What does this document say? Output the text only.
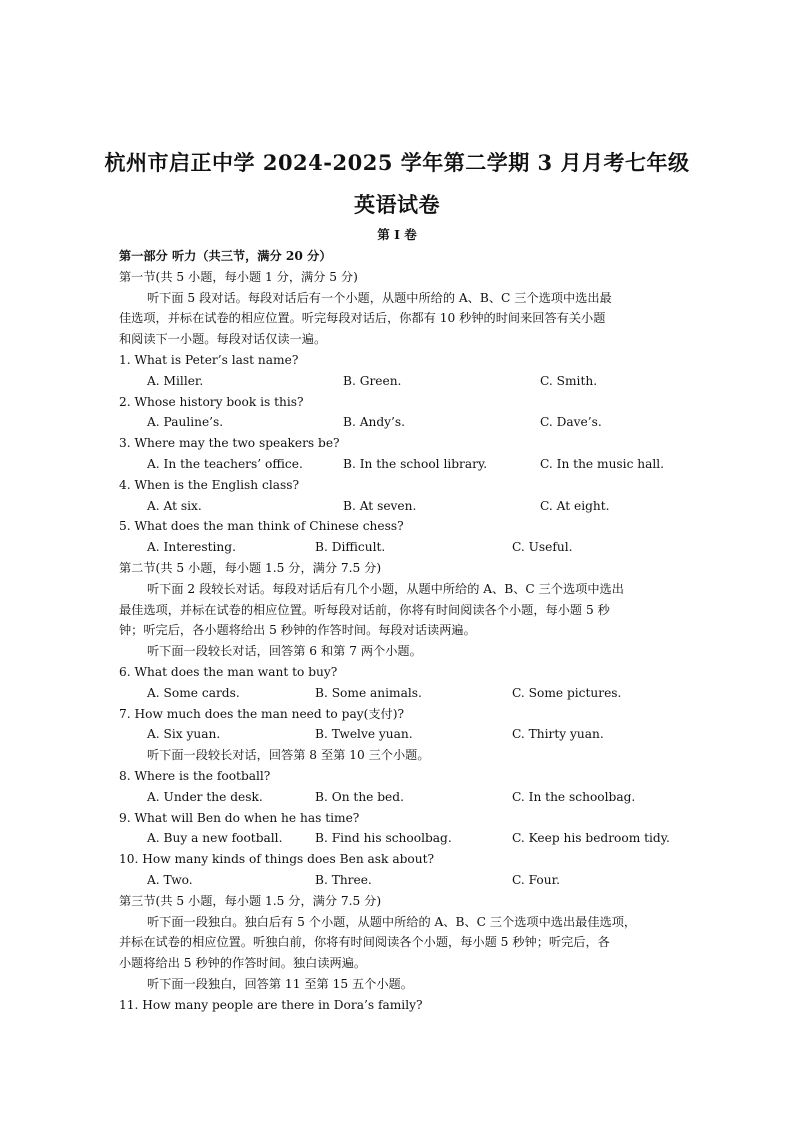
杭州市启正中学 2024-2025 学年第二学期 3 月月考七年级
英语试卷
第 I 卷
第一部分 听力（共三节，满分 20 分）
第一节(共 5 小题，每小题 1 分，满分 5 分)
听下面 5 段对话。每段对话后有一个小题，从题中所给的 A、B、C 三个选项中选出最
佳选项，并标在试卷的相应位置。听完每段对话后，你都有 10 秒钟的时间来回答有关小题
和阅读下一小题。每段对话仅读一遍。
1. What is Peter’s last name?
A. Miller.	B. Green.	C. Smith.
2. Whose history book is this?
A. Pauline’s.	B. Andy’s.	C. Dave’s.
3. Where may the two speakers be?
A. In the teachers’ office.	B. In the school library.	C. In the music hall.
4. When is the English class?
A. At six.	B. At seven.	C. At eight.
5. What does the man think of Chinese chess?
A. Interesting.	B. Difficult.	C. Useful.
第二节(共 5 小题，每小题 1.5 分，满分 7.5 分)
听下面 2 段较长对话。每段对话后有几个小题，从题中所给的 A、B、C 三个选项中选出
最佳选项，并标在试卷的相应位置。听每段对话前，你将有时间阅读各个小题，每小题 5 秒
钟；听完后，各小题将给出 5 秒钟的作答时间。每段对话读两遍。
听下面一段较长对话，回答第 6 和第 7 两个小题。
6. What does the man want to buy?
A. Some cards.	B. Some animals.	C. Some pictures.
7. How much does the man need to pay(支付)?
A. Six yuan.	B. Twelve yuan.	C. Thirty yuan.
听下面一段较长对话，回答第 8 至第 10 三个小题。
8. Where is the football?
A. Under the desk.	B. On the bed.	C. In the schoolbag.
9. What will Ben do when he has time?
A. Buy a new football.	B. Find his schoolbag.	C. Keep his bedroom tidy.
10. How many kinds of things does Ben ask about?
A. Two.	B. Three.	C. Four.
第三节(共 5 小题，每小题 1.5 分，满分 7.5 分)
听下面一段独白。独白后有 5 个小题，从题中所给的 A、B、C 三个选项中选出最佳选项，
并标在试卷的相应位置。听独白前，你将有时间阅读各个小题，每小题 5 秒钟；听完后，各
小题将给出 5 秒钟的作答时间。独白读两遍。
听下面一段独白，回答第 11 至第 15 五个小题。
11. How many people are there in Dora’s family?
